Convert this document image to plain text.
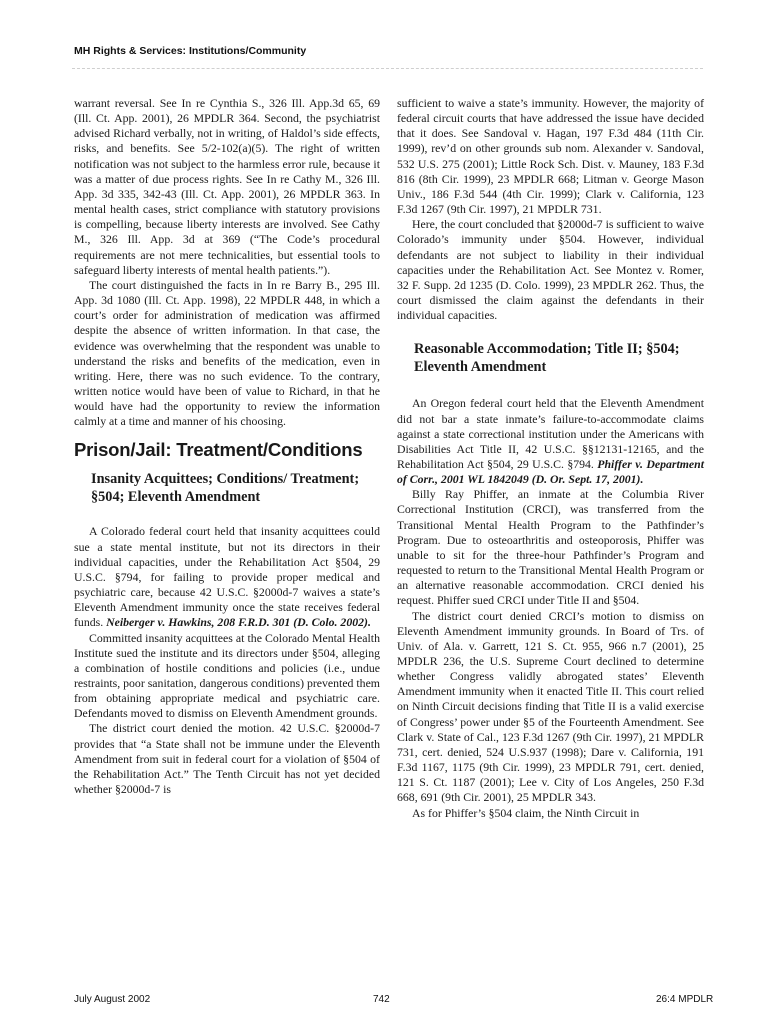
MH Rights & Services: Institutions/Community

warrant reversal. See In re Cynthia S., 326 Ill. App.3d 65, 69 (Ill. Ct. App. 2001), 26 MPDLR 364. Second, the psychiatrist advised Richard verbally, not in writing, of Haldol’s side effects, risks, and benefits. See 5/2-102(a)(5). The right of written notification was not subject to the harmless error rule, because it was a matter of due process rights. See In re Cathy M., 326 Ill. App. 3d 335, 342-43 (Ill. Ct. App. 2001), 26 MPDLR 363. In mental health cases, strict compliance with statutory provisions is compelling, because liberty interests are involved. See Cathy M., 326 Ill. App. 3d at 369 (“The Code’s procedural requirements are not mere technicalities, but essential tools to safeguard liberty interests of mental health patients.”).

The court distinguished the facts in In re Barry B., 295 Ill. App. 3d 1080 (Ill. Ct. App. 1998), 22 MPDLR 448, in which a court’s order for administration of medication was affirmed despite the absence of written information. In that case, the evidence was overwhelming that the respondent was unable to understand the risks and benefits of the medication, even in writing. Here, there was no such evidence. To the contrary, written notice would have been of value to Richard, in that he would have had the opportunity to review the information calmly at a time and manner of his choosing.

Prison/Jail: Treatment/Conditions
Insanity Acquittees; Conditions/ Treatment; §504; Eleventh Amendment

A Colorado federal court held that insanity acquittees could sue a state mental institute, but not its directors in their individual capacities, under the Rehabilitation Act §504, 29 U.S.C. §794, for failing to provide proper medical and psychiatric care, because 42 U.S.C. §2000d-7 waives a state’s Eleventh Amendment immunity once the state receives federal funds. Neiberger v. Hawkins, 208 F.R.D. 301 (D. Colo. 2002).

Committed insanity acquittees at the Colorado Mental Health Institute sued the institute and its directors under §504, alleging a combination of hostile conditions and policies (i.e., undue restraints, poor sanitation, dangerous conditions) prevented them from obtaining appropriate medical and psychiatric care. Defendants moved to dismiss on Eleventh Amendment grounds.

The district court denied the motion. 42 U.S.C. §2000d-7 provides that “a State shall not be immune under the Eleventh Amendment from suit in federal court for a violation of §504 of the Rehabilitation Act.” The Tenth Circuit has not yet decided whether §2000d-7 is

sufficient to waive a state’s immunity. However, the majority of federal circuit courts that have addressed the issue have decided that it does. See Sandoval v. Hagan, 197 F.3d 484 (11th Cir. 1999), rev’d on other grounds sub nom. Alexander v. Sandoval, 532 U.S. 275 (2001); Little Rock Sch. Dist. v. Mauney, 183 F.3d 816 (8th Cir. 1999), 23 MPDLR 668; Litman v. George Mason Univ., 186 F.3d 544 (4th Cir. 1999); Clark v. California, 123 F.3d 1267 (9th Cir. 1997), 21 MPDLR 731.

Here, the court concluded that §2000d-7 is sufficient to waive Colorado’s immunity under §504. However, individual defendants are not subject to liability in their individual capacities under the Rehabilitation Act. See Montez v. Romer, 32 F. Supp. 2d 1235 (D. Colo. 1999), 23 MPDLR 262. Thus, the court dismissed the claim against the defendants in their individual capacities.

Reasonable Accommodation; Title II; §504; Eleventh Amendment

An Oregon federal court held that the Eleventh Amendment did not bar a state inmate’s failure-to-accommodate claims against a state correctional institution under the Americans with Disabilities Act Title II, 42 U.S.C. §§12131-12165, and the Rehabilitation Act §504, 29 U.S.C. §794. Phiffer v. Department of Corr., 2001 WL 1842049 (D. Or. Sept. 17, 2001).

Billy Ray Phiffer, an inmate at the Columbia River Correctional Institution (CRCI), was transferred from the Transitional Mental Health Program to the Pathfinder’s Program. Due to osteoarthritis and osteoporosis, Phiffer was unable to sit for the three-hour Pathfinder’s Program and requested to return to the Transitional Mental Health Program or an alternative reasonable accommodation. CRCI denied his request. Phiffer sued CRCI under Title II and §504.

The district court denied CRCI’s motion to dismiss on Eleventh Amendment immunity grounds. In Board of Trs. of Univ. of Ala. v. Garrett, 121 S. Ct. 955, 966 n.7 (2001), 25 MPDLR 236, the U.S. Supreme Court declined to determine whether Congress validly abrogated states’ Eleventh Amendment immunity when it enacted Title II. This court relied on Ninth Circuit decisions finding that Title II is a valid exercise of Congress’ power under §5 of the Fourteenth Amendment. See Clark v. State of Cal., 123 F.3d 1267 (9th Cir. 1997), 21 MPDLR 731, cert. denied, 524 U.S.937 (1998); Dare v. California, 191 F.3d 1167, 1175 (9th Cir. 1999), 23 MPDLR 791, cert. denied, 121 S. Ct. 1187 (2001); Lee v. City of Los Angeles, 250 F.3d 668, 691 (9th Cir. 2001), 25 MPDLR 343.

As for Phiffer’s §504 claim, the Ninth Circuit in

July August 2002	742	26:4 MPDLR
